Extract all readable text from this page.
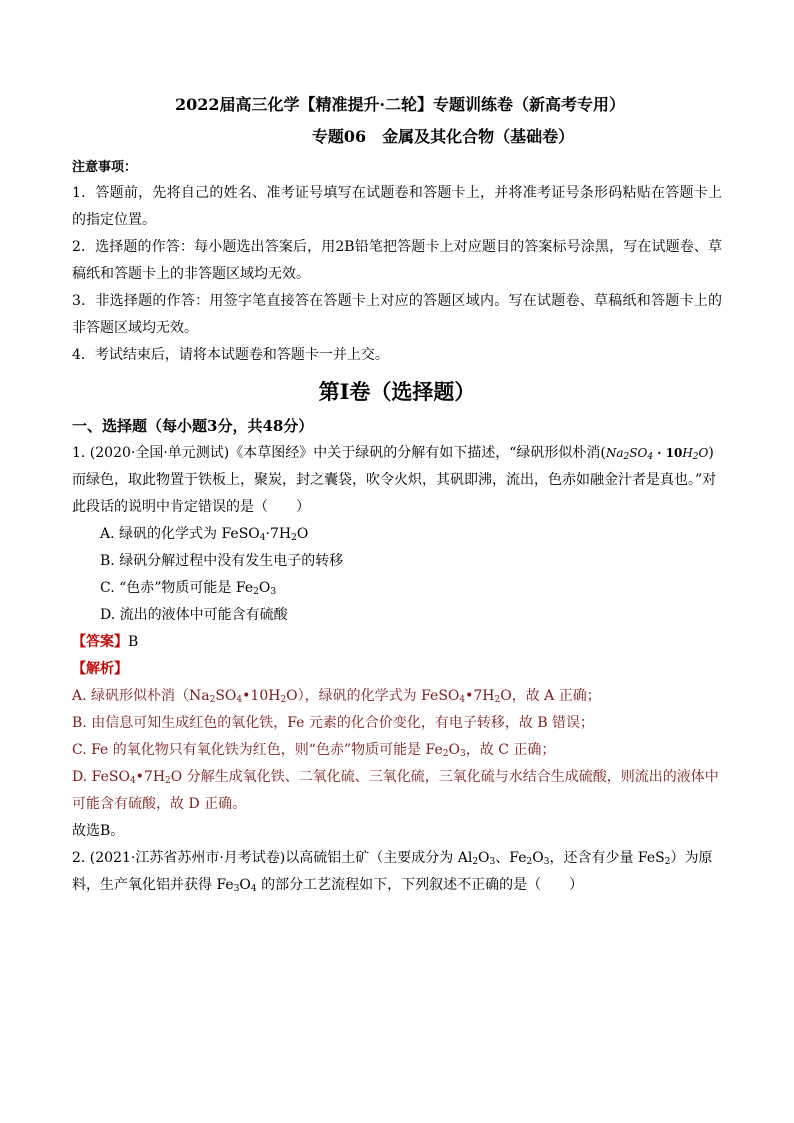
2022届高三化学【精准提升·二轮】专题训练卷（新高考专用）

专题06　金属及其化合物（基础卷）

注意事项：

1．答题前，先将自己的姓名、准考证号填写在试题卷和答题卡上，并将准考证号条形码粘贴在答题卡上的指定位置。

2．选择题的作答：每小题选出答案后，用2B铅笔把答题卡上对应题目的答案标号涂黑，写在试题卷、草稿纸和答题卡上的非答题区域均无效。

3．非选择题的作答：用签字笔直接答在答题卡上对应的答题区域内。写在试题卷、草稿纸和答题卡上的非答题区域均无效。

4．考试结束后，请将本试题卷和答题卡一并上交。

第Ⅰ卷（选择题）

一、选择题（每小题3分，共48分）

1. (2020·全国·单元测试)《本草图经》中关于绿矾的分解有如下描述，“绿矾形似朴消$(Na_2SO_4 \cdot 10H_2O)$而绿色，取此物置于铁板上，聚炭，封之囊袋，吹令火炽，其矾即沸，流出，色赤如融金汁者是真也。”对此段话的说明中肯定错误的是（　　）

A. 绿矾的化学式为 $FeSO_4\cdot 7H_2O$
B. 绿矾分解过程中没有发生电子的转移
C. “色赤”物质可能是 $Fe_2O_3$
D. 流出的液体中可能含有硫酸
【答案】B
【解析】

A. 绿矾形似朴消$(Na_2SO_4•10H_2O)$，绿矾的化学式为 $FeSO_4•7H_2O$，故 A 正确；

B. 由信息可知生成红色的氧化铁，Fe 元素的化合价变化，有电子转移，故 B 错误；

C. Fe 的氧化物只有氧化铁为红色，则“色赤”物质可能是 $Fe_2O_3$，故 C 正确；

D. $FeSO_4•7H_2O$ 分解生成氧化铁、二氧化硫、三氧化硫，三氧化硫与水结合生成硫酸，则流出的液体中可能含有硫酸，故 D 正确。

故选B。

2. (2021·江苏省苏州市·月考试卷)以高硫铝土矿（主要成分为 $Al_2O_3$、$Fe_2O_3$，还含有少量 FeS$_2$）为原料，生产氧化铝并获得 $Fe_3O_4$ 的部分工艺流程如下，下列叙述不正确的是（　　）
